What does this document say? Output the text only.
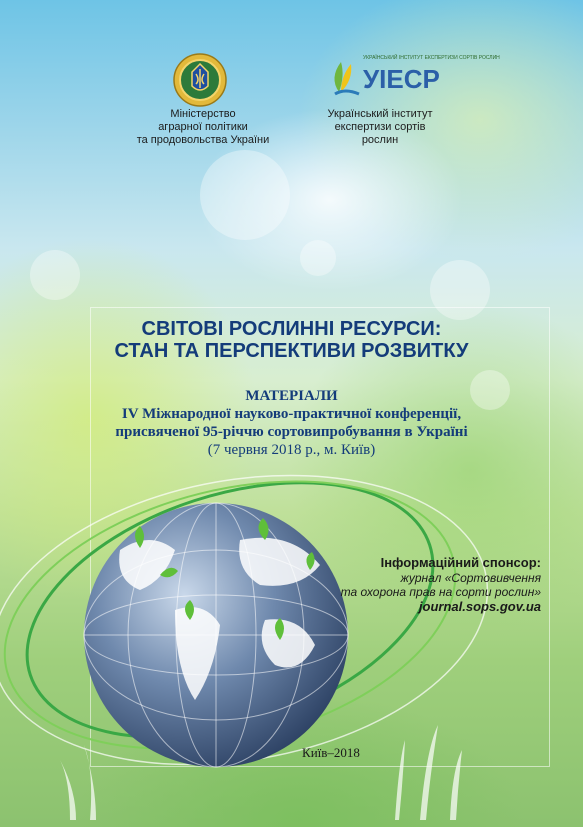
УКРАЇНСЬКИЙ ІНСТИТУТ ЕКСПЕРТИЗИ СОРТІВ РОСЛИН
УІЕСР
Міністерство
аграрної політики
та продовольства України
Український інститут
експертизи сортів
рослин
СВІТОВІ РОСЛИННІ РЕСУРСИ:
СТАН ТА ПЕРСПЕКТИВИ РОЗВИТКУ
МАТЕРІАЛИ
IV Міжнародної науково-практичної конференції,
присвяченої 95-річчю сортовипробування в Україні
(7 червня 2018 р., м. Київ)
Інформаційний спонсор:
журнал «Сортовивчення
та охорона прав на сорти рослин»
journal.sops.gov.ua
Київ–2018
